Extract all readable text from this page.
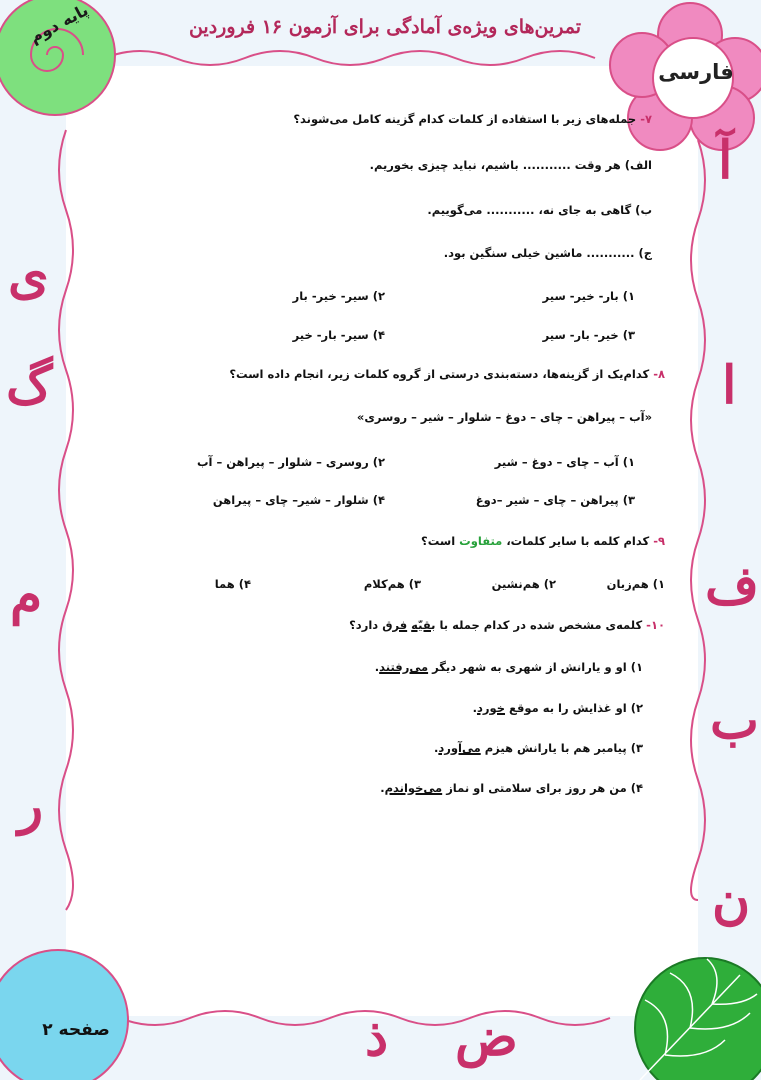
تمرین‌های ویژه‌ی آمادگی برای آزمون ۱۶ فروردین
فارسی
پایه دوم
صفحه ۲
آ
ا
ف
ب
ن
ی
گ
م
ر
ض
ذ
۷- جمله‌های زیر با استفاده از کلمات کدام گزینه کامل می‌شوند؟
الف) هر وقت ........... باشیم، نباید چیزی بخوریم.
ب) گاهی به جای نه، ........... می‌گوییم.
ج) ........... ماشین خیلی سنگین بود.
۱) بار- خیر- سیر
۲) سیر- خیر- بار
۳) خیر- بار- سیر
۴) سیر- بار- خیر
۸- کدام‌یک از گزینه‌ها، دسته‌بندی درستی از گروه کلمات زیر، انجام داده است؟
«آب – پیراهن – چای – دوغ – شلوار – شیر – روسری»
۱) آب – چای – دوغ – شیر
۲) روسری – شلوار – پیراهن – آب
۳) پیراهن – چای – شیر –دوغ
۴) شلوار – شیر– چای – پیراهن
۹- کدام کلمه با سایر کلمات، متفاوت است؟
۱) هم‌زبان
۲) هم‌نشین
۳) هم‌کلام
۴) هما
۱۰- کلمه‌ی مشخص شده در کدام جمله با بقیّه فرق دارد؟
۱) او و یارانش از شهری به شهر دیگر می‌رفتند.
۲) او غذایش را به موقع خورد.
۳) پیامبر هم با یارانش هیزم می‌آورد.
۴) من هر روز برای سلامتی او نماز می‌خواندم.
